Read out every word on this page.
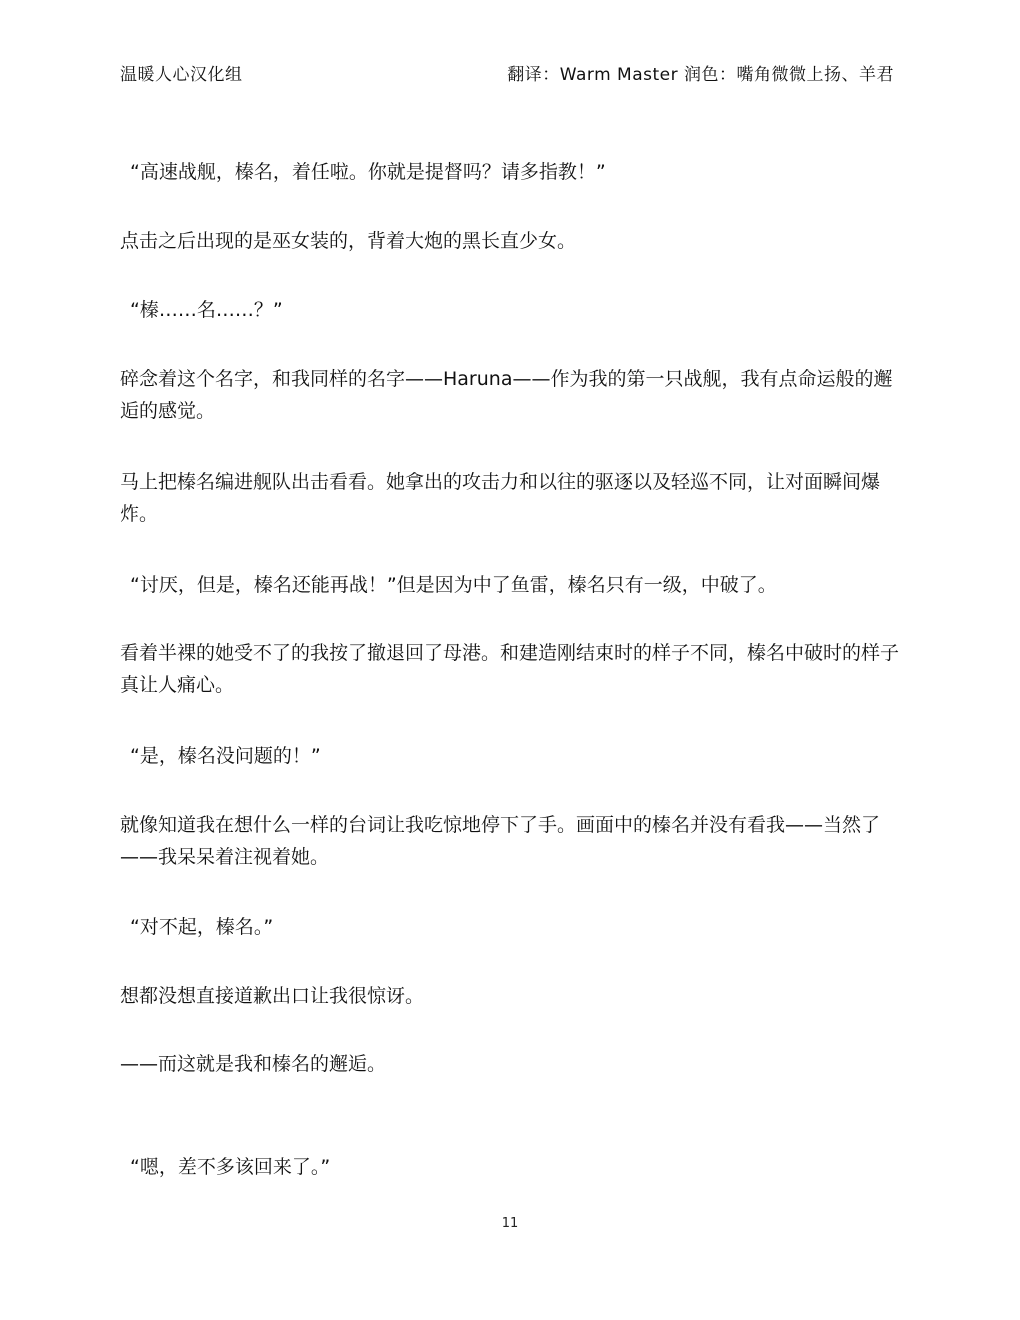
温暖人心汉化组	翻译：Warm Master 润色：嘴角微微上扬、羊君

“高速战舰，榛名，着任啦。你就是提督吗？请多指教！”

点击之后出现的是巫女装的，背着大炮的黑长直少女。

“榛……名……？”

碎念着这个名字，和我同样的名字——Haruna——作为我的第一只战舰，我有点命运般的邂逅的感觉。

马上把榛名编进舰队出击看看。她拿出的攻击力和以往的驱逐以及轻巡不同，让对面瞬间爆炸。

“讨厌，但是，榛名还能再战！”但是因为中了鱼雷，榛名只有一级，中破了。

看着半裸的她受不了的我按了撤退回了母港。和建造刚结束时的样子不同，榛名中破时的样子真让人痛心。

“是，榛名没问题的！”

就像知道我在想什么一样的台词让我吃惊地停下了手。画面中的榛名并没有看我——当然了——我呆呆着注视着她。

“对不起，榛名。”

想都没想直接道歉出口让我很惊讶。

——而这就是我和榛名的邂逅。

“嗯，差不多该回来了。”

11
